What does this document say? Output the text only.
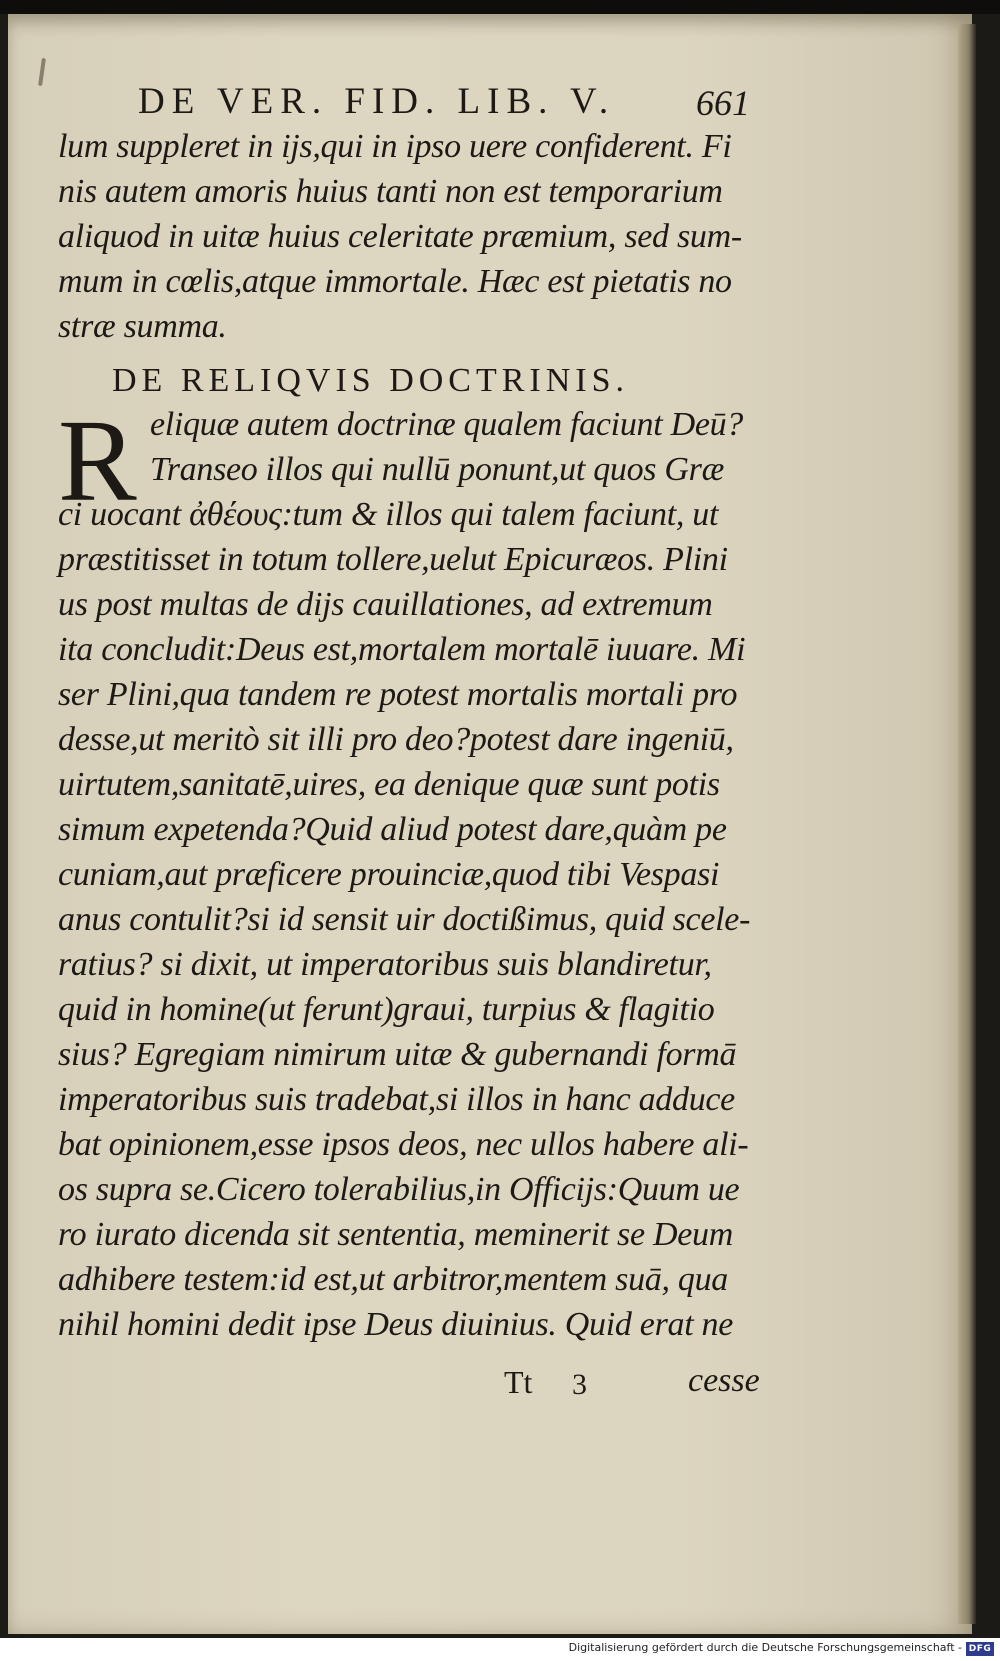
DE VER. FID. LIB. V. 661
lum suppleret in ijs,qui in ipso uere confiderent. Fi
nis autem amoris huius tanti non est temporarium
aliquod in uitæ huius celeritate præmium, sed sum-
mum in cœlis,atque immortale. Hæc est pietatis no
stræ summa.
DE RELIQVIS DOCTRINIS.
R eliquæ autem doctrinæ qualem faciunt Deū?
Transeo illos qui nullū ponunt,ut quos Græ
ci uocant ἀθέους:tum & illos qui talem faciunt, ut
præstitisset in totum tollere,uelut Epicuræos. Plini
us post multas de dijs cauillationes, ad extremum
ita concludit:Deus est,mortalem mortalē iuuare. Mi
ser Plini,qua tandem re potest mortalis mortali pro
desse,ut meritò sit illi pro deo?potest dare ingeniū,
uirtutem,sanitatē,uires, ea denique quæ sunt potis
simum expetenda?Quid aliud potest dare,quàm pe
cuniam,aut præficere prouinciæ,quod tibi Vespasi
anus contulit?si id sensit uir doctißimus, quid scele-
ratius? si dixit, ut imperatoribus suis blandiretur,
quid in homine(ut ferunt)graui, turpius & flagitio
sius? Egregiam nimirum uitæ & gubernandi formā
imperatoribus suis tradebat,si illos in hanc adduce
bat opinionem,esse ipsos deos, nec ullos habere ali-
os supra se.Cicero tolerabilius,in Officijs:Quum ue
ro iurato dicenda sit sententia, meminerit se Deum
adhibere testem:id est,ut arbitror,mentem suā, qua
nihil homini dedit ipse Deus diuinius. Quid erat ne
Tt 3	cesse
Digitalisierung gefördert durch die Deutsche Forschungsgemeinschaft - DFG
